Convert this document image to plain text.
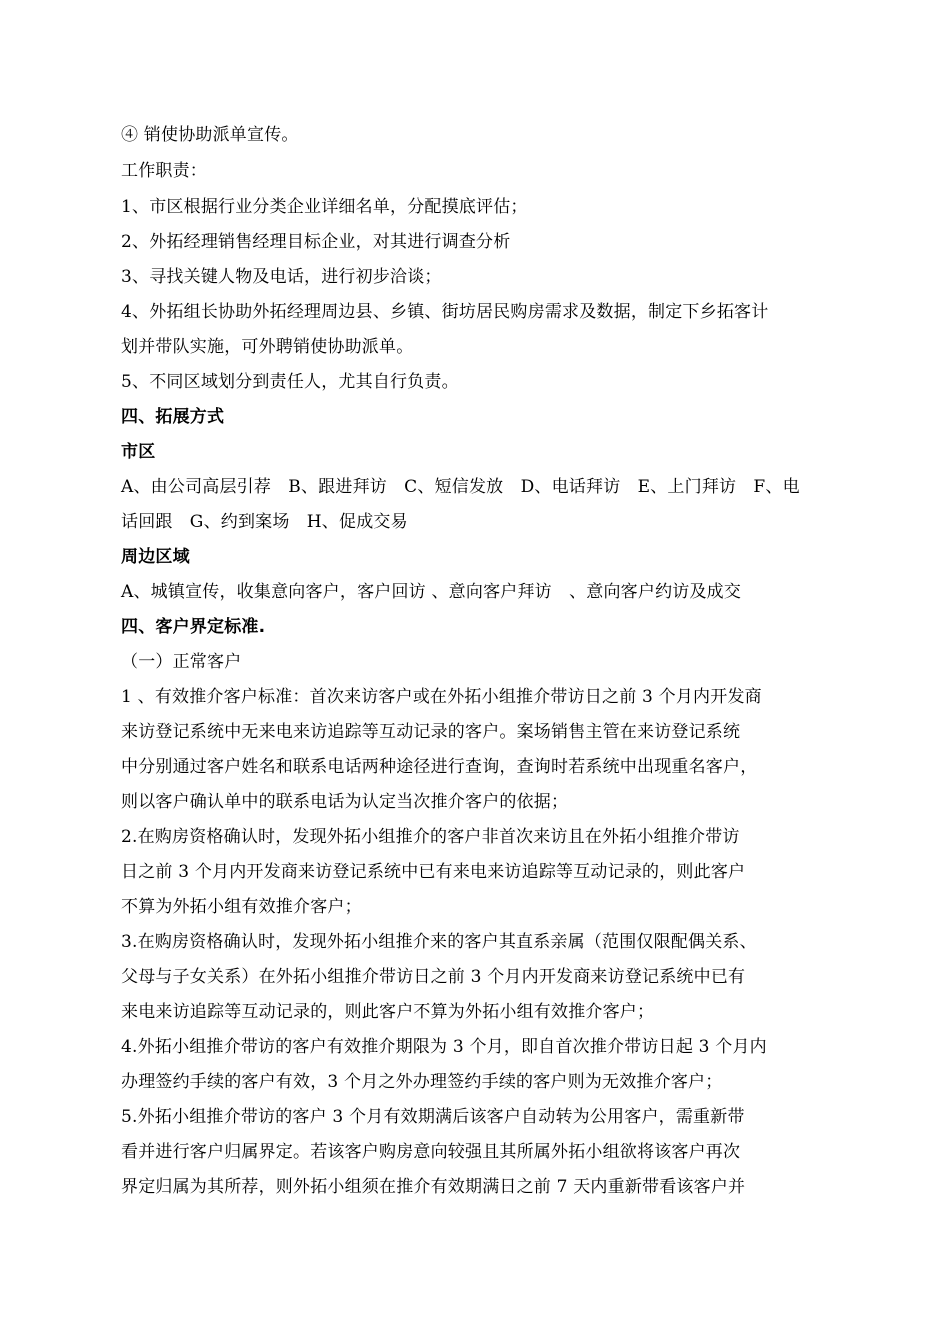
④ 销使协助派单宣传。
工作职责：
1、市区根据行业分类企业详细名单，分配摸底评估；
2、外拓经理销售经理目标企业，对其进行调查分析
3、寻找关键人物及电话，进行初步洽谈；
4、外拓组长协助外拓经理周边县、乡镇、街坊居民购房需求及数据，制定下乡拓客计
划并带队实施，可外聘销使协助派单。
5、不同区域划分到责任人，尤其自行负责。
四、拓展方式
市区
A、由公司高层引荐　B、跟进拜访　C、短信发放　D、电话拜访　E、上门拜访　F、电
话回跟　G、约到案场　H、促成交易
周边区域
A、城镇宣传，收集意向客户，客户回访 、意向客户拜访　、意向客户约访及成交
四、客户界定标准.
（一）正常客户
1 、有效推介客户标准：首次来访客户或在外拓小组推介带访日之前 3 个月内开发商
来访登记系统中无来电来访追踪等互动记录的客户。案场销售主管在来访登记系统
中分别通过客户姓名和联系电话两种途径进行查询，查询时若系统中出现重名客户，
则以客户确认单中的联系电话为认定当次推介客户的依据；
2.在购房资格确认时，发现外拓小组推介的客户非首次来访且在外拓小组推介带访
日之前 3 个月内开发商来访登记系统中已有来电来访追踪等互动记录的，则此客户
不算为外拓小组有效推介客户；
3.在购房资格确认时，发现外拓小组推介来的客户其直系亲属（范围仅限配偶关系、
父母与子女关系）在外拓小组推介带访日之前 3 个月内开发商来访登记系统中已有
来电来访追踪等互动记录的，则此客户不算为外拓小组有效推介客户；
4.外拓小组推介带访的客户有效推介期限为 3 个月，即自首次推介带访日起 3 个月内
办理签约手续的客户有效，3 个月之外办理签约手续的客户则为无效推介客户；
5.外拓小组推介带访的客户 3 个月有效期满后该客户自动转为公用客户，需重新带
看并进行客户归属界定。若该客户购房意向较强且其所属外拓小组欲将该客户再次
界定归属为其所荐，则外拓小组须在推介有效期满日之前 7 天内重新带看该客户并
